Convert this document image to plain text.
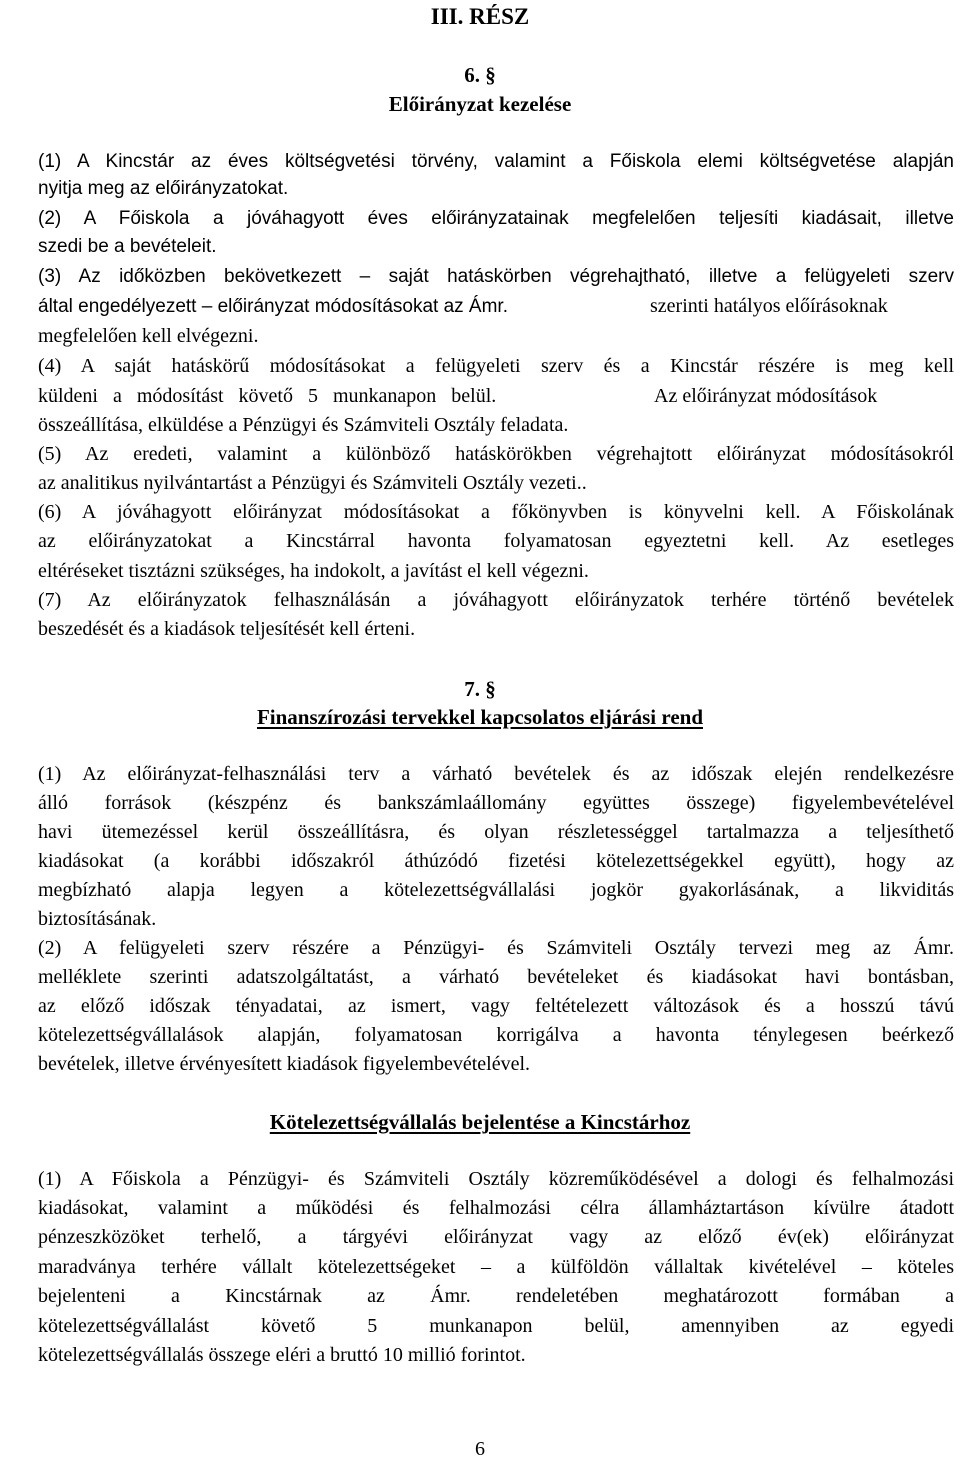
III. RÉSZ
6. §
Előirányzat kezelése
(1) A Kincstár az éves költségvetési törvény, valamint a Főiskola elemi költségvetése alapján
nyitja meg az előirányzatokat.
(2) A Főiskola a jóváhagyott éves előirányzatainak megfelelően teljesíti kiadásait, illetve
szedi be a bevételeit.
(3) Az időközben bekövetkezett – saját hatáskörben végrehajtható, illetve a felügyeleti szerv
által engedélyezett – előirányzat módosításokat az Ámr.	szerinti hatályos előírásoknak
megfelelően kell elvégezni.
(4) A saját hatáskörű módosításokat a felügyeleti szerv és a Kincstár részére is meg kell
küldeni a módosítást követő 5 munkanapon belül.	Az előirányzat módosítások
összeállítása, elküldése a Pénzügyi és Számviteli Osztály feladata.
(5) Az eredeti, valamint a különböző hatáskörökben végrehajtott előirányzat módosításokról
az analitikus nyilvántartást a Pénzügyi és Számviteli Osztály vezeti..
(6) A jóváhagyott előirányzat módosításokat a főkönyvben is könyvelni kell. A Főiskolának
az előirányzatokat a Kincstárral havonta folyamatosan egyeztetni kell. Az esetleges
eltéréseket tisztázni szükséges, ha indokolt, a javítást el kell végezni.
(7) Az előirányzatok felhasználásán a jóváhagyott előirányzatok terhére történő bevételek
beszedését és a kiadások teljesítését kell érteni.
7. §
Finanszírozási tervekkel kapcsolatos eljárási rend
(1) Az előirányzat-felhasználási terv a várható bevételek és az időszak elején rendelkezésre
álló források (készpénz és bankszámlaállomány együttes összege) figyelembevételével
havi ütemezéssel kerül összeállításra, és olyan részletességgel tartalmazza a teljesíthető
kiadásokat (a korábbi időszakról áthúzódó fizetési kötelezettségekkel együtt), hogy az
megbízható alapja legyen a kötelezettségvállalási jogkör gyakorlásának, a likviditás
biztosításának.
(2) A felügyeleti szerv részére a Pénzügyi- és Számviteli Osztály tervezi meg az Ámr.
melléklete szerinti adatszolgáltatást, a várható bevételeket és kiadásokat havi bontásban,
az előző időszak tényadatai, az ismert, vagy feltételezett változások és a hosszú távú
kötelezettségvállalások alapján, folyamatosan korrigálva a havonta ténylegesen beérkező
bevételek, illetve érvényesített kiadások figyelembevételével.
Kötelezettségvállalás bejelentése a Kincstárhoz
(1) A Főiskola a Pénzügyi- és Számviteli Osztály közreműködésével a dologi és felhalmozási
kiadásokat, valamint a működési és felhalmozási célra államháztartáson kívülre átadott
pénzeszközöket terhelő, a tárgyévi előirányzat vagy az előző év(ek) előirányzat
maradványa terhére vállalt kötelezettségeket – a külföldön vállaltak kivételével – köteles
bejelenteni a Kincstárnak az Ámr. rendeletében meghatározott formában a
kötelezettségvállalást követő 5 munkanapon belül, amennyiben az egyedi
kötelezettségvállalás összege eléri a bruttó 10 millió forintot.
6
